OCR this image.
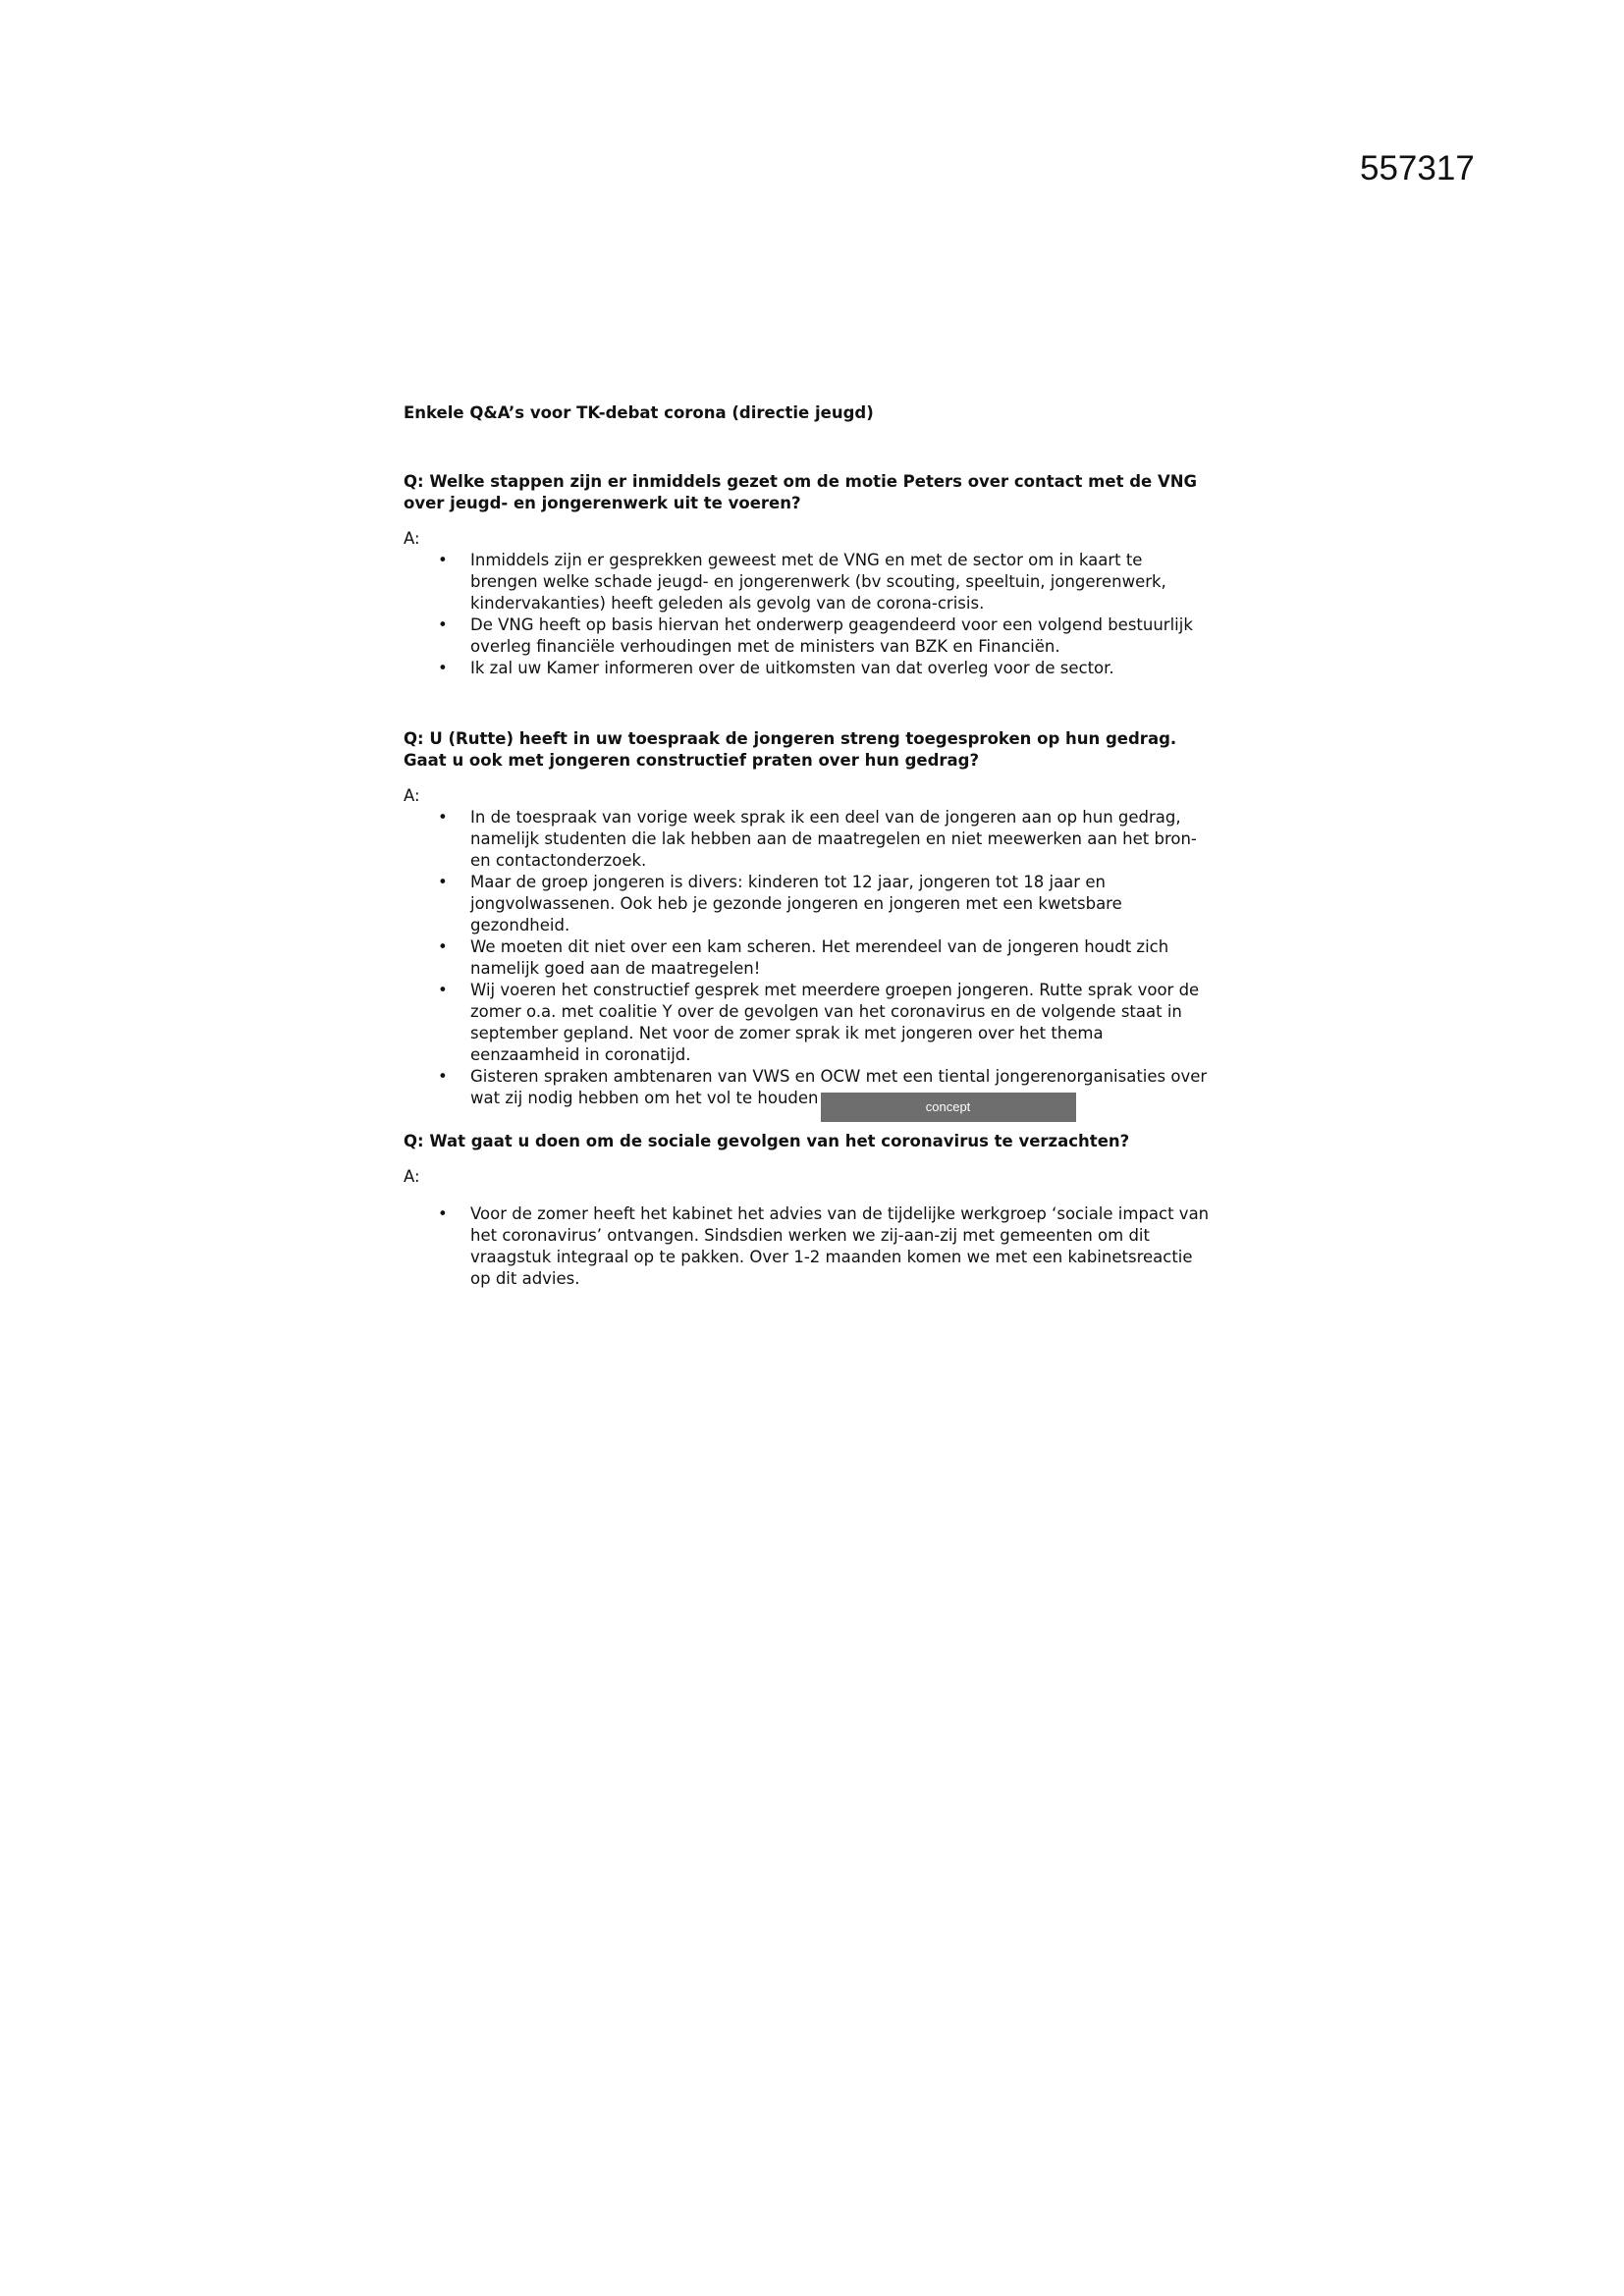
557317
Enkele Q&A’s voor TK-debat corona (directie jeugd)
Q: Welke stappen zijn er inmiddels gezet om de motie Peters over contact met de VNG
over jeugd- en jongerenwerk uit te voeren?
A:
• Inmiddels zijn er gesprekken geweest met de VNG en met de sector om in kaart te
brengen welke schade jeugd- en jongerenwerk (bv scouting, speeltuin, jongerenwerk,
kindervakanties) heeft geleden als gevolg van de corona-crisis.
• De VNG heeft op basis hiervan het onderwerp geagendeerd voor een volgend bestuurlijk
overleg financiële verhoudingen met de ministers van BZK en Financiën.
• Ik zal uw Kamer informeren over de uitkomsten van dat overleg voor de sector.
Q: U (Rutte) heeft in uw toespraak de jongeren streng toegesproken op hun gedrag.
Gaat u ook met jongeren constructief praten over hun gedrag?
A:
• In de toespraak van vorige week sprak ik een deel van de jongeren aan op hun gedrag,
namelijk studenten die lak hebben aan de maatregelen en niet meewerken aan het bron-
en contactonderzoek.
• Maar de groep jongeren is divers: kinderen tot 12 jaar, jongeren tot 18 jaar en
jongvolwassenen. Ook heb je gezonde jongeren en jongeren met een kwetsbare
gezondheid.
• We moeten dit niet over een kam scheren. Het merendeel van de jongeren houdt zich
namelijk goed aan de maatregelen!
• Wij voeren het constructief gesprek met meerdere groepen jongeren. Rutte sprak voor de
zomer o.a. met coalitie Y over de gevolgen van het coronavirus en de volgende staat in
september gepland. Net voor de zomer sprak ik met jongeren over het thema
eenzaamheid in coronatijd.
• Gisteren spraken ambtenaren van VWS en OCW met een tiental jongerenorganisaties over
wat zij nodig hebben om het vol te houden	concept
Q: Wat gaat u doen om de sociale gevolgen van het coronavirus te verzachten?
A:
• Voor de zomer heeft het kabinet het advies van de tijdelijke werkgroep ‘sociale impact van
het coronavirus’ ontvangen. Sindsdien werken we zij-aan-zij met gemeenten om dit
vraagstuk integraal op te pakken. Over 1-2 maanden komen we met een kabinetsreactie
op dit advies.
